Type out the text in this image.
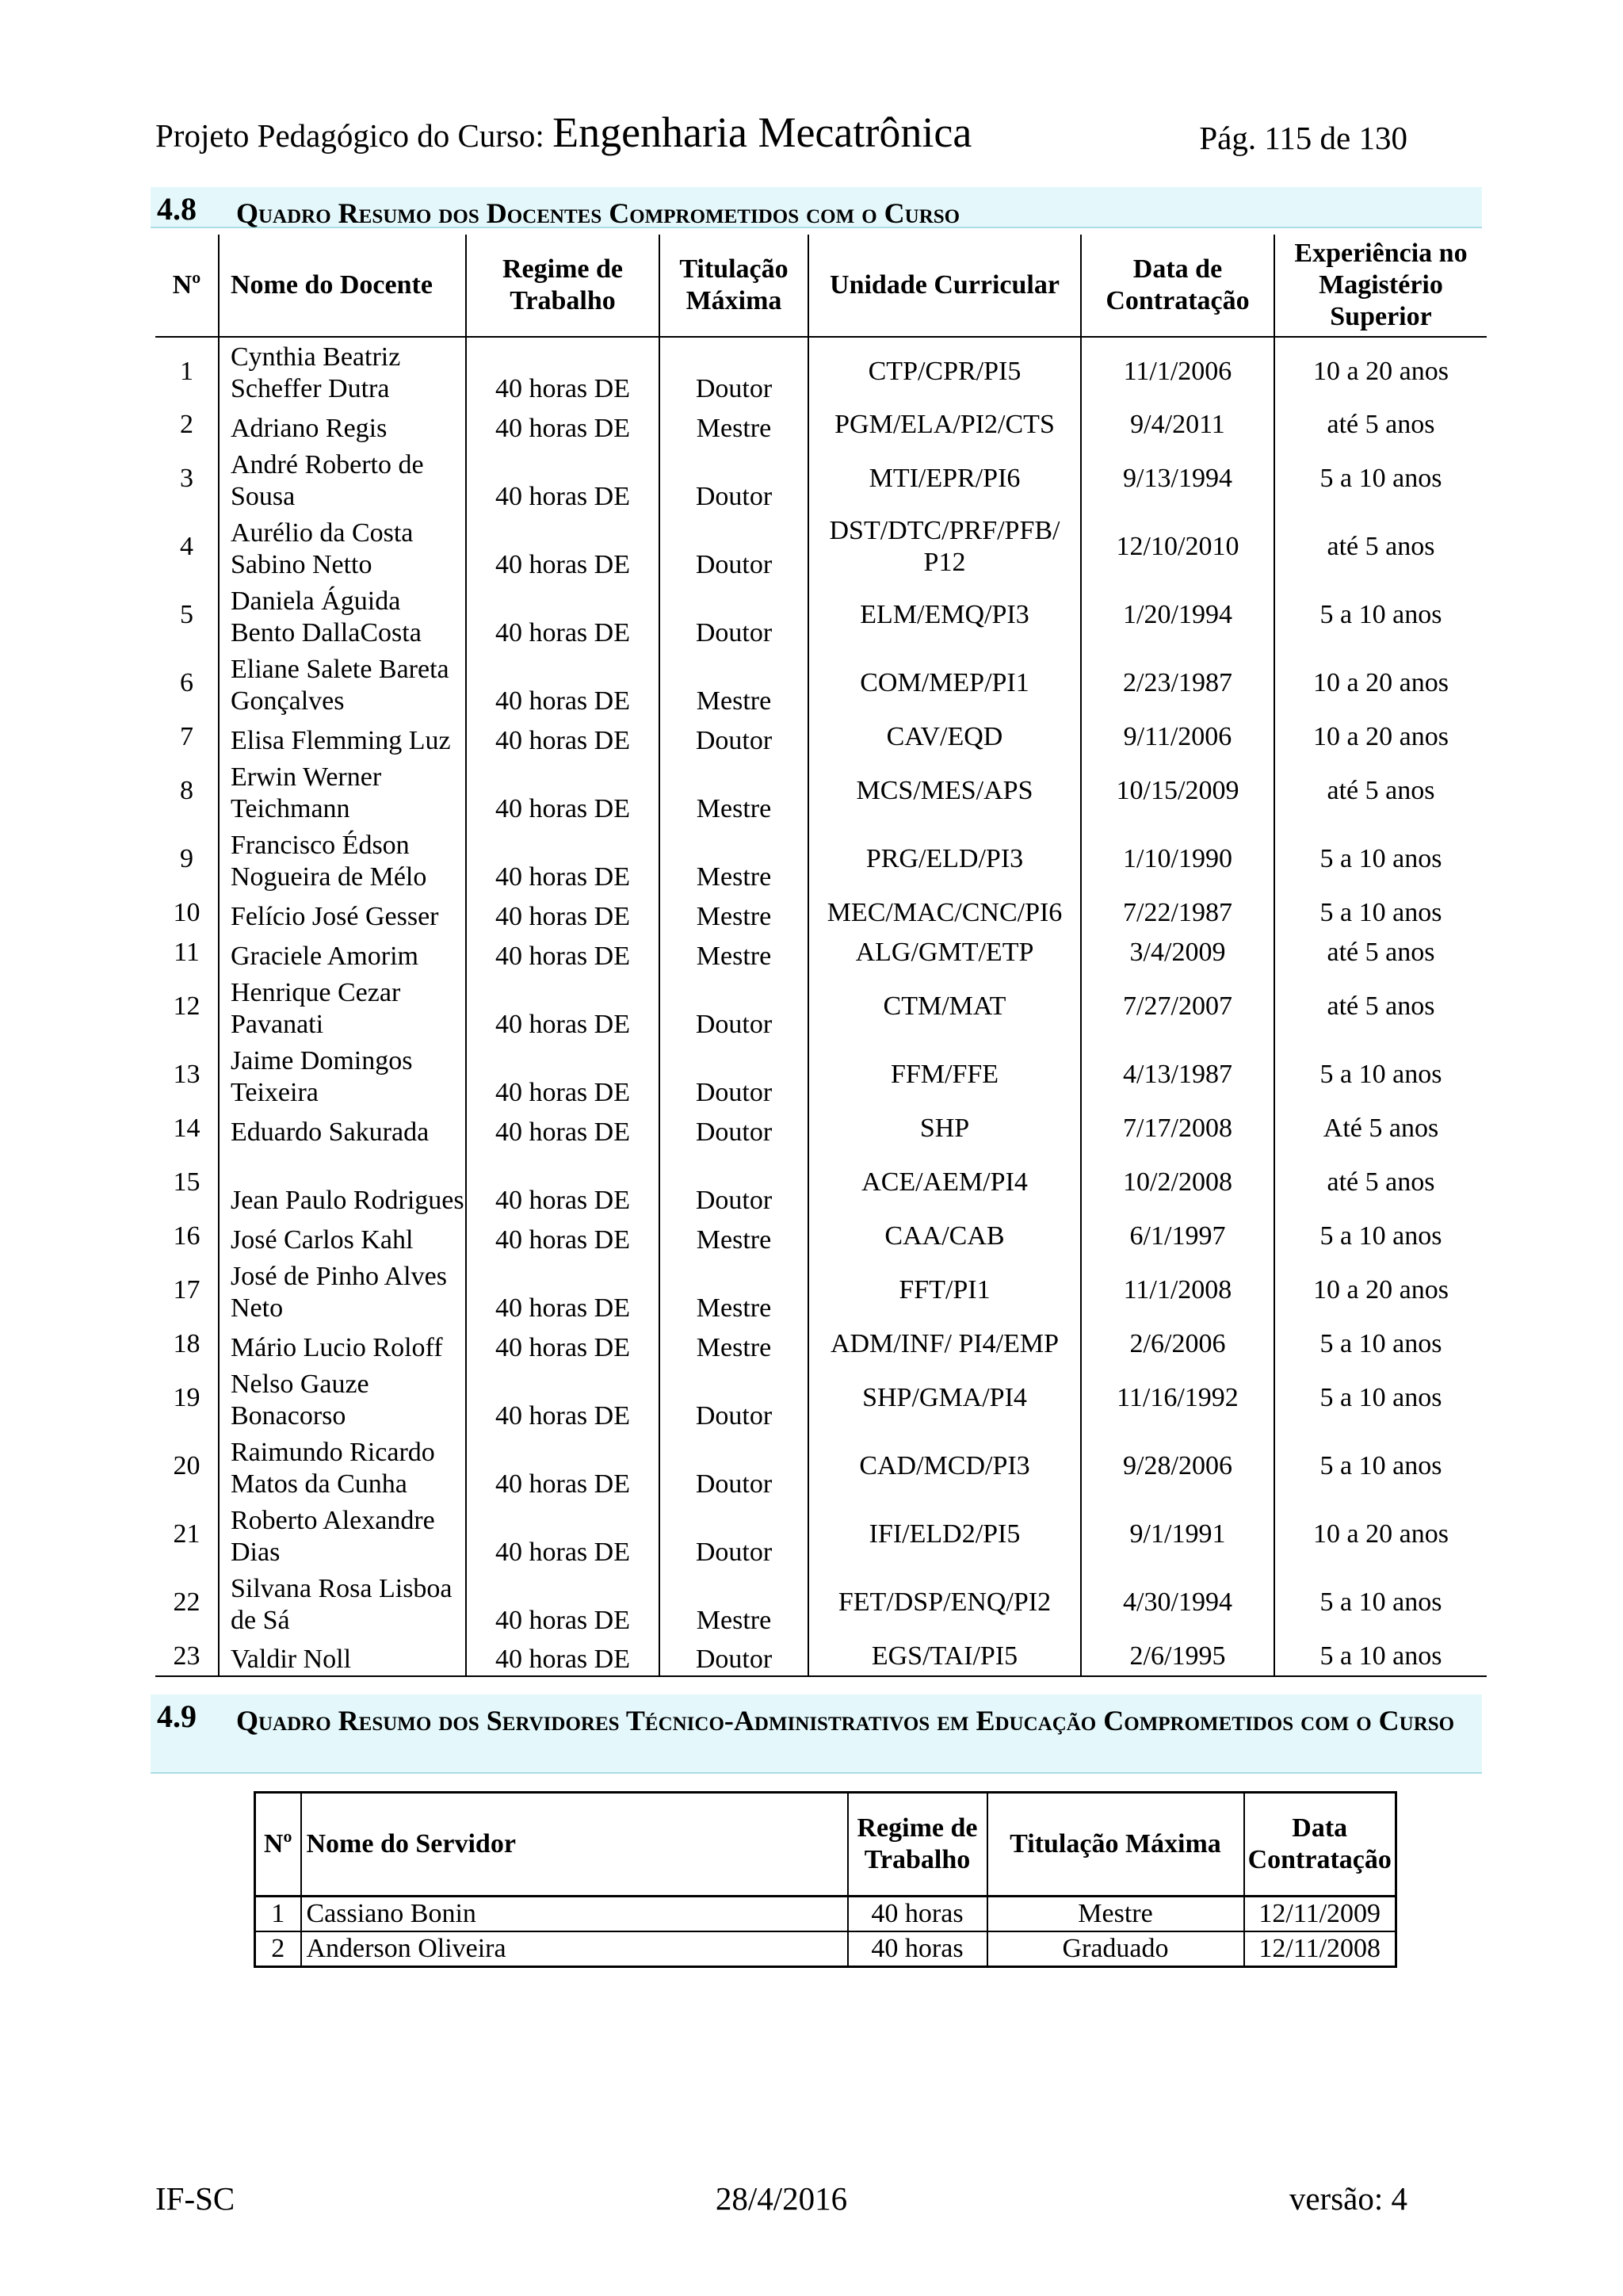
Projeto Pedagógico do Curso: Engenharia Mecatrônica	Pág. 115 de 130
4.8 Quadro Resumo dos Docentes Comprometidos com o Curso
Nº	Nome do Docente	Regime de Trabalho	Titulação Máxima	Unidade Curricular	Data de Contratação	Experiência no Magistério Superior
1	Cynthia Beatriz Scheffer Dutra	40 horas DE	Doutor	CTP/CPR/PI5	11/1/2006	10 a 20 anos
2	Adriano Regis	40 horas DE	Mestre	PGM/ELA/PI2/CTS	9/4/2011	até 5 anos
3	André Roberto de Sousa	40 horas DE	Doutor	MTI/EPR/PI6	9/13/1994	5 a 10 anos
4	Aurélio da Costa Sabino Netto	40 horas DE	Doutor	DST/DTC/PRF/PFB/ P12	12/10/2010	até 5 anos
5	Daniela Águida Bento DallaCosta	40 horas DE	Doutor	ELM/EMQ/PI3	1/20/1994	5 a 10 anos
6	Eliane Salete Bareta Gonçalves	40 horas DE	Mestre	COM/MEP/PI1	2/23/1987	10 a 20 anos
7	Elisa Flemming Luz	40 horas DE	Doutor	CAV/EQD	9/11/2006	10 a 20 anos
8	Erwin Werner Teichmann	40 horas DE	Mestre	MCS/MES/APS	10/15/2009	até 5 anos
9	Francisco Édson Nogueira de Mélo	40 horas DE	Mestre	PRG/ELD/PI3	1/10/1990	5 a 10 anos
10	Felício José Gesser	40 horas DE	Mestre	MEC/MAC/CNC/PI6	7/22/1987	5 a 10 anos
11	Graciele Amorim	40 horas DE	Mestre	ALG/GMT/ETP	3/4/2009	até 5 anos
12	Henrique Cezar Pavanati	40 horas DE	Doutor	CTM/MAT	7/27/2007	até 5 anos
13	Jaime Domingos Teixeira	40 horas DE	Doutor	FFM/FFE	4/13/1987	5 a 10 anos
14	Eduardo Sakurada	40 horas DE	Doutor	SHP	7/17/2008	Até 5 anos
15	Jean Paulo Rodrigues	40 horas DE	Doutor	ACE/AEM/PI4	10/2/2008	até 5 anos
16	José Carlos Kahl	40 horas DE	Mestre	CAA/CAB	6/1/1997	5 a 10 anos
17	José de Pinho Alves Neto	40 horas DE	Mestre	FFT/PI1	11/1/2008	10 a 20 anos
18	Mário Lucio Roloff	40 horas DE	Mestre	ADM/INF/ PI4/EMP	2/6/2006	5 a 10 anos
19	Nelso Gauze Bonacorso	40 horas DE	Doutor	SHP/GMA/PI4	11/16/1992	5 a 10 anos
20	Raimundo Ricardo Matos da Cunha	40 horas DE	Doutor	CAD/MCD/PI3	9/28/2006	5 a 10 anos
21	Roberto Alexandre Dias	40 horas DE	Doutor	IFI/ELD2/PI5	9/1/1991	10 a 20 anos
22	Silvana Rosa Lisboa de Sá	40 horas DE	Mestre	FET/DSP/ENQ/PI2	4/30/1994	5 a 10 anos
23	Valdir Noll	40 horas DE	Doutor	EGS/TAI/PI5	2/6/1995	5 a 10 anos
4.9 Quadro Resumo dos Servidores Técnico-Administrativos em Educação Comprometidos com o Curso
Nº	Nome do Servidor	Regime de Trabalho	Titulação Máxima	Data Contratação
1	Cassiano Bonin	40 horas	Mestre	12/11/2009
2	Anderson Oliveira	40 horas	Graduado	12/11/2008
IF-SC	28/4/2016	versão: 4
